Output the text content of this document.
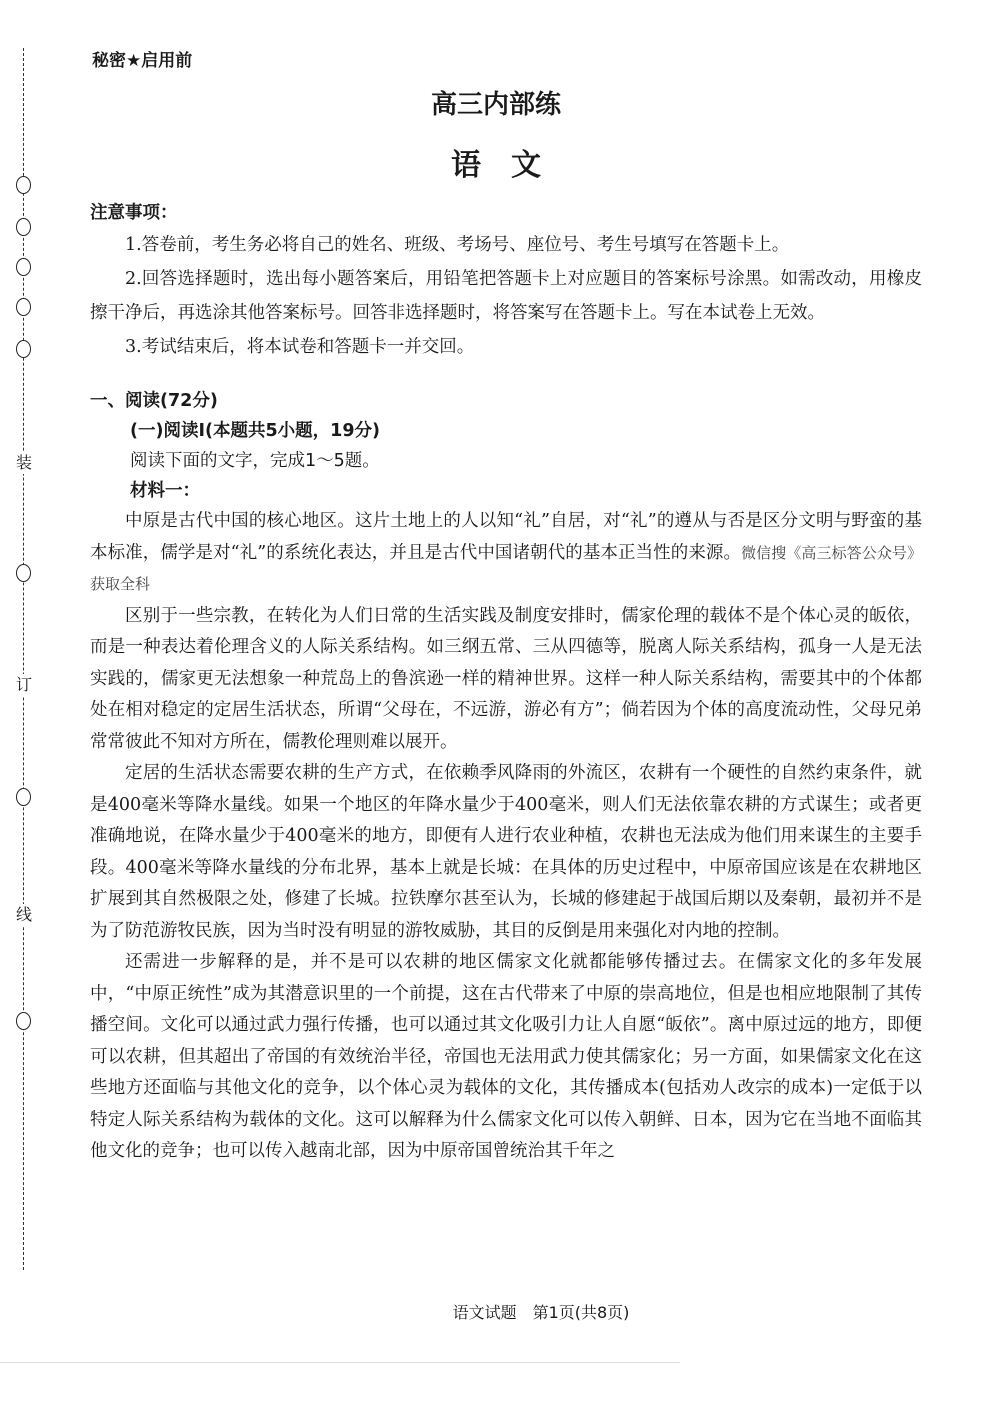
装
订
线
秘密★启用前
高三内部练
语文
注意事项：
1.答卷前，考生务必将自己的姓名、班级、考场号、座位号、考生号填写在答题卡上。
2.回答选择题时，选出每小题答案后，用铅笔把答题卡上对应题目的答案标号涂黑。如需改动，用橡皮擦干净后，再选涂其他答案标号。回答非选择题时，将答案写在答题卡上。写在本试卷上无效。
3.考试结束后，将本试卷和答题卡一并交回。
一、阅读(72分)
(一)阅读Ⅰ(本题共5小题，19分)
阅读下面的文字，完成1～5题。
材料一：
中原是古代中国的核心地区。这片土地上的人以知“礼”自居，对“礼”的遵从与否是区分文明与野蛮的基本标准，儒学是对“礼”的系统化表达，并且是古代中国诸朝代的基本正当性的来源。微信搜《高三标答公众号》获取全科
区别于一些宗教，在转化为人们日常的生活实践及制度安排时，儒家伦理的载体不是个体心灵的皈依，而是一种表达着伦理含义的人际关系结构。如三纲五常、三从四德等，脱离人际关系结构，孤身一人是无法实践的，儒家更无法想象一种荒岛上的鲁滨逊一样的精神世界。这样一种人际关系结构，需要其中的个体都处在相对稳定的定居生活状态，所谓“父母在，不远游，游必有方”；倘若因为个体的高度流动性，父母兄弟常常彼此不知对方所在，儒教伦理则难以展开。
定居的生活状态需要农耕的生产方式，在依赖季风降雨的外流区，农耕有一个硬性的自然约束条件，就是400毫米等降水量线。如果一个地区的年降水量少于400毫米，则人们无法依靠农耕的方式谋生；或者更准确地说，在降水量少于400毫米的地方，即便有人进行农业种植，农耕也无法成为他们用来谋生的主要手段。400毫米等降水量线的分布北界，基本上就是长城：在具体的历史过程中，中原帝国应该是在农耕地区扩展到其自然极限之处，修建了长城。拉铁摩尔甚至认为，长城的修建起于战国后期以及秦朝，最初并不是为了防范游牧民族，因为当时没有明显的游牧威胁，其目的反倒是用来强化对内地的控制。
还需进一步解释的是，并不是可以农耕的地区儒家文化就都能够传播过去。在儒家文化的多年发展中，“中原正统性”成为其潜意识里的一个前提，这在古代带来了中原的崇高地位，但是也相应地限制了其传播空间。文化可以通过武力强行传播，也可以通过其文化吸引力让人自愿“皈依”。离中原过远的地方，即便可以农耕，但其超出了帝国的有效统治半径，帝国也无法用武力使其儒家化；另一方面，如果儒家文化在这些地方还面临与其他文化的竞争，以个体心灵为载体的文化，其传播成本(包括劝人改宗的成本)一定低于以特定人际关系结构为载体的文化。这可以解释为什么儒家文化可以传入朝鲜、日本，因为它在当地不面临其他文化的竞争；也可以传入越南北部，因为中原帝国曾统治其千年之
语文试题　第1页(共8页)
